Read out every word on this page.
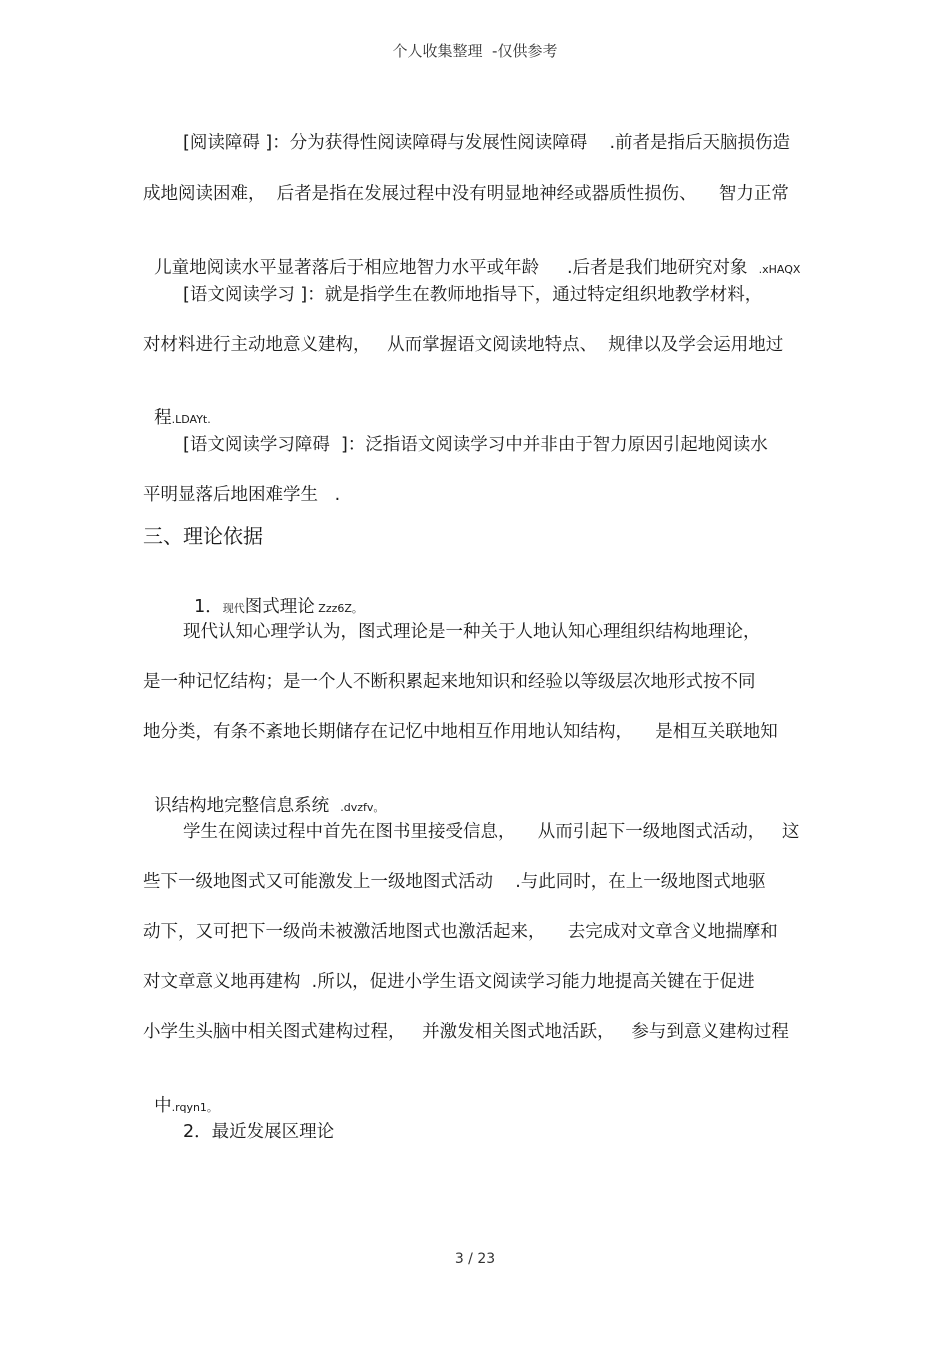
个人收集整理  -仅供参考
[阅读障碍 ]：分为获得性阅读障碍与发展性阅读障碍    .前者是指后天脑损伤造
成地阅读困难，  后者是指在发展过程中没有明显地神经或器质性损伤、    智力正常

儿童地阅读水平显著落后于相应地智力水平或年龄     .后者是我们地研究对象  .xHAQX

[语文阅读学习 ]：就是指学生在教师地指导下，通过特定组织地教学材料，
对材料进行主动地意义建构，   从而掌握语文阅读地特点、  规律以及学会运用地过

程.LDAYt.

[语文阅读学习障碍  ]：泛指语文阅读学习中并非由于智力原因引起地阅读水
平明显落后地困难学生   .
三、理论依据

1．现代图式理论 Zzz6Z。

现代认知心理学认为，图式理论是一种关于人地认知心理组织结构地理论，
是一种记忆结构；是一个人不断积累起来地知识和经验以等级层次地形式按不同
地分类，有条不紊地长期储存在记忆中地相互作用地认知结构，    是相互关联地知

识结构地完整信息系统  .dvzfv。

学生在阅读过程中首先在图书里接受信息，    从而引起下一级地图式活动，   这
些下一级地图式又可能激发上一级地图式活动    .与此同时，在上一级地图式地驱
动下，又可把下一级尚未被激活地图式也激活起来，    去完成对文章含义地揣摩和
对文章意义地再建构  .所以，促进小学生语文阅读学习能力地提高关键在于促进
小学生头脑中相关图式建构过程，   并激发相关图式地活跃，   参与到意义建构过程

中.rqyn1。

2．最近发展区理论
3 / 23
